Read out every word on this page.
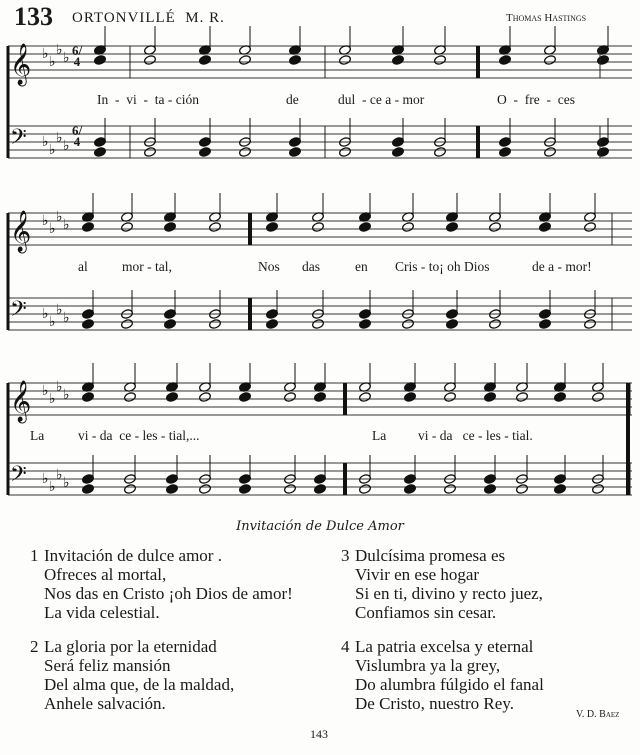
133 ORTONVILLÉ  M. R.	Thomas Hastings
𝄞 ♭ ♭
♭ ♭
𝄢 ♭ ♭
♭ ♭
𝄞 ♭ ♭
♭ ♭
𝄢 ♭ ♭
♭ ♭
𝄞 ♭ ♭
♭ ♭
𝄢 ♭ ♭
♭ ♭
6/4
6/4
In  -  vi  -  ta - ción	de	dul  - ce a - mor	O  -  fre  -  ces
al	mor - tal,	Nos das	en Cris - to¡ oh Dios	de a - mor!
La	vi - da  ce - les - tial,...	La vi - da   ce - les - tial.
Invitación de Dulce Amor
1 Invitación de dulce amor .
Ofreces al mortal,
Nos das en Cristo ¡oh Dios de amor!
La vida celestial.
2 La gloria por la eternidad
Será feliz mansión
Del alma que, de la maldad,
Anhele salvación.
3 Dulcísima promesa es
Vivir en ese hogar
Si en ti, divino y recto juez,
Confiamos sin cesar.
4 La patria excelsa y eternal
Vislumbra ya la grey,
Do alumbra fúlgido el fanal
De Cristo, nuestro Rey.
V. D. Baez
143
